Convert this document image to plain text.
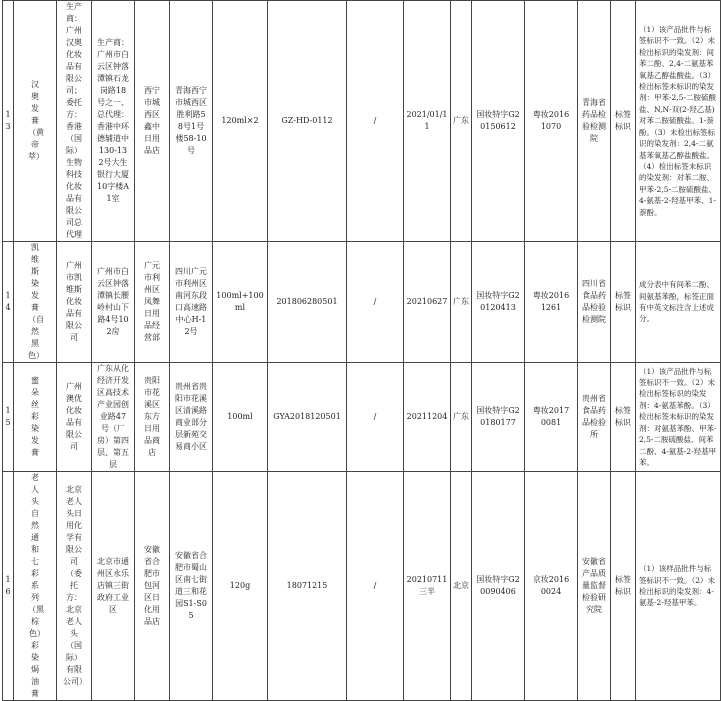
13	汉奥发膏（黄帝萃）	生产商：广州汉奥化妆品有限公司；委托方：香港（国际）生物科技化妆品有限公司总代理	生产商：广州市白云区钟落潭镇石龙岗路18号之一、总代理：香港中环德辅道中130-132号大生银行大厦10字楼A1室	西宁市城西区鑫中日用品店	青海西宁市城西区胜利路58号1号楼58-10号	120ml×2	GZ-HD-0112	/	2021/01/11	广东	国妆特字G20150612	粤妆20161070	青海省药品检验检测院	标签标识	（1）该产品批件与标签标识不一致。（2）未检出标识的染发剂：间苯二酚、2,4-二氨基苯氧基乙醇盐酸盐。（3）检出标签未标识的染发剂：甲苯-2,5-二胺硫酸盐、N,N-双(2-羟乙基)对苯二胺硫酸盐、1-萘酚。（3）未检出标签标识的染发剂：2,4-二氨基苯氧基乙醇盐酸盐。（4）检出标签未标识的染发剂：对苯二胺、甲苯-2,5-二胺硫酸盐、4-氨基-2-羟基甲苯、1-萘酚。

14	凯维斯染发膏（自然黑色）	广州市凯维斯化妆品有限公司	广州市白云区钟落潭镇长腰岭村山下路4号102房	广元市利州区凤舞日用品经营部	四川广元市利州区南河东段口高速路中心H-12号	100ml+100ml	201806280501	/	20210627	广东	国妆特字G20120413	粤妆20161261	四川省食品药品检验检测院	标签标识	成分表中有间苯二酚、间氨基苯酚，标签正面有中英文标注含上述成分。

15	蜜朵丝彩染发膏	广州澳优化妆品有限公司	广东从化经济开发区高技术产业园创业路47号（厂房）第四层、第五层	贵阳市花溪区东方日用品商店	贵州省贵阳市花溪区清溪路商业部分层新苑交易商小区	100ml	GYA2018120501	/	20211204	广东	国妆特字G20180177	粤妆20170081	贵州省食品药品检验所	标签标识	（1）该产品批件与标签标识不一致。（2）未检出标签标识的染发剂：4-氨基苯酚。（3）检出标签未标识的染发剂：对氨基苯酚、甲苯-2,5-二胺硫酸盐、间苯二酚、4-氨基-2-羟基甲苯。

16	老人头自然通和七彩系列（黑棕色）彩染焗油膏	北京老人头日用化学有限公司（委托方：北京老人头（国际）有限公司）	北京市通州区永乐店镇三街政府工业区	安徽省合肥市包河区日化用品店	安徽省合肥市蜀山区南七街道三和花园S1-S05	120g	18071215	/	20210711三半	北京	国妆特字G20090406	京妆20160024	安徽省产品质量监督检验研究院	标签标识	（1）该样品批件与标签标识不一致。（2）未检出标识的染发剂：4-氨基-2-羟基甲苯。
